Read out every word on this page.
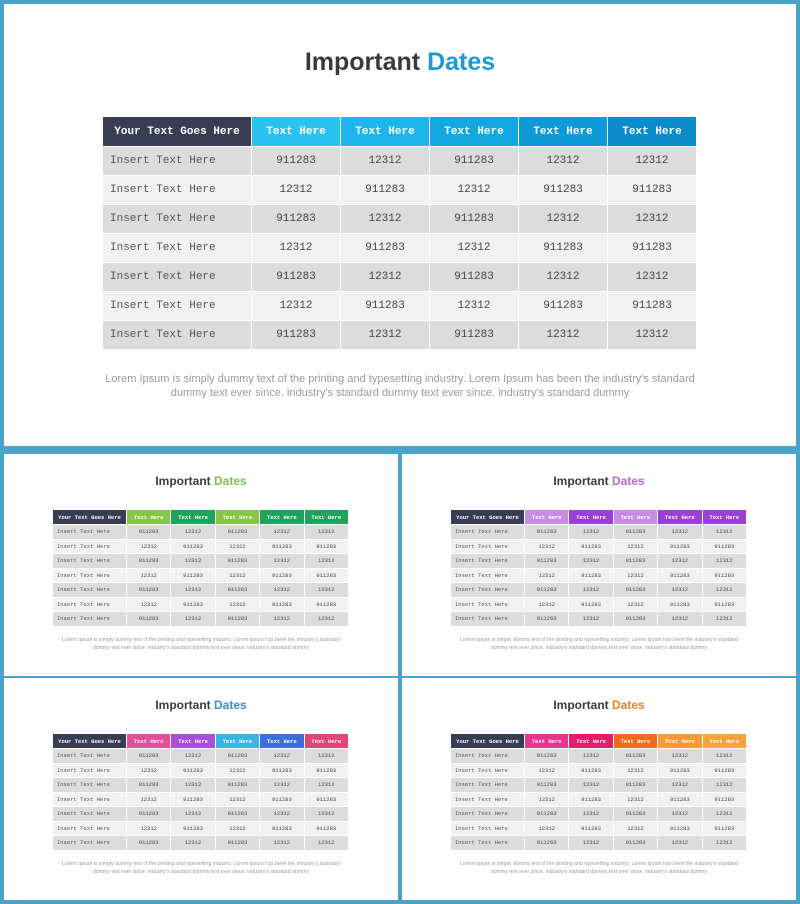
Important Dates
Your Text Goes Here	Text Here	Text Here	Text Here	Text Here	Text Here
Insert Text Here	911283	12312	911283	12312	12312
Insert Text Here	12312	911283	12312	911283	911283
Insert Text Here	911283	12312	911283	12312	12312
Insert Text Here	12312	911283	12312	911283	911283
Insert Text Here	911283	12312	911283	12312	12312
Insert Text Here	12312	911283	12312	911283	911283
Insert Text Here	911283	12312	911283	12312	12312
Lorem Ipsum is simply dummy text of the printing and typesetting industry. Lorem Ipsum has been the industry's standard
dummy text ever since. industry's standard dummy text ever since. industry's standard dummy
Important Dates
Your Text Goes Here	Text Here	Text Here	Text Here	Text Here	Text Here
Insert Text Here	911283	12312	911283	12312	12312
Insert Text Here	12312	911283	12312	911283	911283
Insert Text Here	911283	12312	911283	12312	12312
Insert Text Here	12312	911283	12312	911283	911283
Insert Text Here	911283	12312	911283	12312	12312
Insert Text Here	12312	911283	12312	911283	911283
Insert Text Here	911283	12312	911283	12312	12312
Lorem Ipsum is simply dummy text of the printing and typesetting industry. Lorem Ipsum has been the industry's standard
dummy text ever since. industry's standard dummy text ever since. industry's standard dummy
Important Dates
Your Text Goes Here	Text Here	Text Here	Text Here	Text Here	Text Here
Insert Text Here	911283	12312	911283	12312	12312
Insert Text Here	12312	911283	12312	911283	911283
Insert Text Here	911283	12312	911283	12312	12312
Insert Text Here	12312	911283	12312	911283	911283
Insert Text Here	911283	12312	911283	12312	12312
Insert Text Here	12312	911283	12312	911283	911283
Insert Text Here	911283	12312	911283	12312	12312
Lorem Ipsum is simply dummy text of the printing and typesetting industry. Lorem Ipsum has been the industry's standard
dummy text ever since. industry's standard dummy text ever since. industry's standard dummy
Important Dates
Your Text Goes Here	Text Here	Text Here	Text Here	Text Here	Text Here
Insert Text Here	911283	12312	911283	12312	12312
Insert Text Here	12312	911283	12312	911283	911283
Insert Text Here	911283	12312	911283	12312	12312
Insert Text Here	12312	911283	12312	911283	911283
Insert Text Here	911283	12312	911283	12312	12312
Insert Text Here	12312	911283	12312	911283	911283
Insert Text Here	911283	12312	911283	12312	12312
Lorem Ipsum is simply dummy text of the printing and typesetting industry. Lorem Ipsum has been the industry's standard
dummy text ever since. industry's standard dummy text ever since. industry's standard dummy
Important Dates
Your Text Goes Here	Text Here	Text Here	Text Here	Text Here	Text Here
Insert Text Here	911283	12312	911283	12312	12312
Insert Text Here	12312	911283	12312	911283	911283
Insert Text Here	911283	12312	911283	12312	12312
Insert Text Here	12312	911283	12312	911283	911283
Insert Text Here	911283	12312	911283	12312	12312
Insert Text Here	12312	911283	12312	911283	911283
Insert Text Here	911283	12312	911283	12312	12312
Lorem Ipsum is simply dummy text of the printing and typesetting industry. Lorem Ipsum has been the industry's standard
dummy text ever since. industry's standard dummy text ever since. industry's standard dummy
